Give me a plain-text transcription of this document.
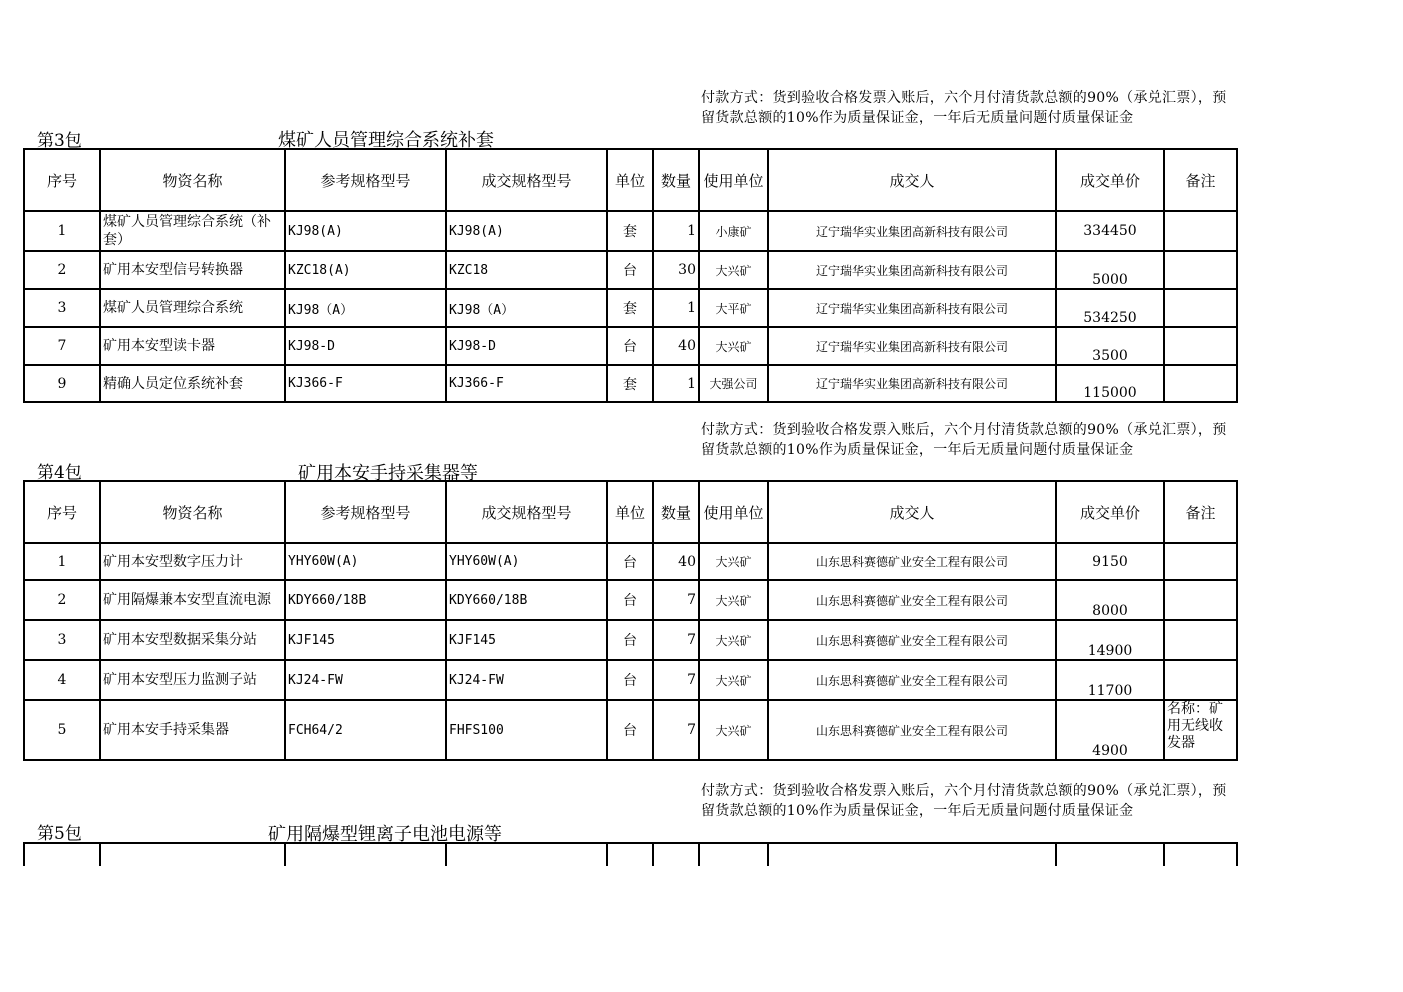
付款方式：货到验收合格发票入账后，六个月付清货款总额的90%（承兑汇票），预留货款总额的10%作为质量保证金，一年后无质量问题付质量保证金
第3包	煤矿人员管理综合系统补套
序号	物资名称	参考规格型号	成交规格型号	单位	数量	使用单位	成交人	成交单价	备注
1	煤矿人员管理综合系统（补套）	KJ98(A)	KJ98(A)	套	1	小康矿	辽宁瑞华实业集团高新科技有限公司	334450	
2	矿用本安型信号转换器	KZC18(A)	KZC18	台	30	大兴矿	辽宁瑞华实业集团高新科技有限公司	5000	
3	煤矿人员管理综合系统	KJ98（A）	KJ98（A）	套	1	大平矿	辽宁瑞华实业集团高新科技有限公司	534250	
7	矿用本安型读卡器	KJ98-D	KJ98-D	台	40	大兴矿	辽宁瑞华实业集团高新科技有限公司	3500	
9	精确人员定位系统补套	KJ366-F	KJ366-F	套	1	大强公司	辽宁瑞华实业集团高新科技有限公司	115000	
付款方式：货到验收合格发票入账后，六个月付清货款总额的90%（承兑汇票），预留货款总额的10%作为质量保证金，一年后无质量问题付质量保证金
第4包	矿用本安手持采集器等
序号	物资名称	参考规格型号	成交规格型号	单位	数量	使用单位	成交人	成交单价	备注
1	矿用本安型数字压力计	YHY60W(A)	YHY60W(A)	台	40	大兴矿	山东思科赛德矿业安全工程有限公司	9150	
2	矿用隔爆兼本安型直流电源	KDY660/18B	KDY660/18B	台	7	大兴矿	山东思科赛德矿业安全工程有限公司	8000	
3	矿用本安型数据采集分站	KJF145	KJF145	台	7	大兴矿	山东思科赛德矿业安全工程有限公司	14900	
4	矿用本安型压力监测子站	KJ24-FW	KJ24-FW	台	7	大兴矿	山东思科赛德矿业安全工程有限公司	11700	
5	矿用本安手持采集器	FCH64/2	FHFS100	台	7	大兴矿	山东思科赛德矿业安全工程有限公司	4900	名称：矿用无线收发器
付款方式：货到验收合格发票入账后，六个月付清货款总额的90%（承兑汇票），预留货款总额的10%作为质量保证金，一年后无质量问题付质量保证金
第5包	矿用隔爆型锂离子电池电源等
